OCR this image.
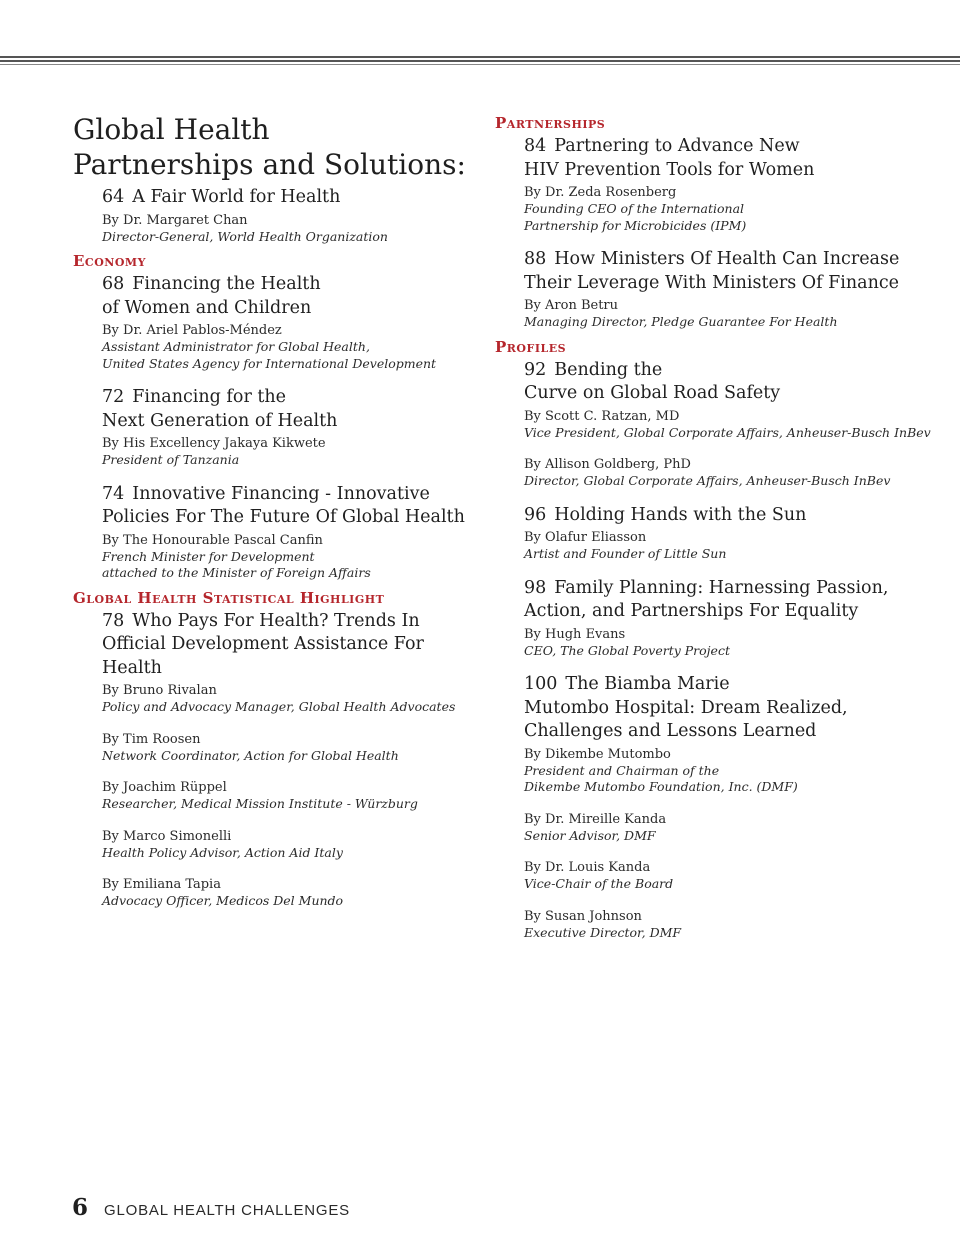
Global Health
Partnerships and Solutions:
64 A Fair World for Health
By Dr. Margaret Chan
Director-General, World Health Organization
Economy
68 Financing the Health
of Women and Children
By Dr. Ariel Pablos-Méndez
Assistant Administrator for Global Health,
United States Agency for International Development
72 Financing for the
Next Generation of Health
By His Excellency Jakaya Kikwete
President of Tanzania
74 Innovative Financing - Innovative
Policies For The Future Of Global Health
By The Honourable Pascal Canfin
French Minister for Development
attached to the Minister of Foreign Affairs
Global Health Statistical Highlight
78 Who Pays For Health? Trends In
Official Development Assistance For Health
By Bruno Rivalan
Policy and Advocacy Manager, Global Health Advocates
By Tim Roosen
Network Coordinator, Action for Global Health
By Joachim Rüppel
Researcher, Medical Mission Institute - Würzburg
By Marco Simonelli
Health Policy Advisor, Action Aid Italy
By Emiliana Tapia
Advocacy Officer, Medicos Del Mundo
Partnerships
84 Partnering to Advance New
HIV Prevention Tools for Women
By Dr. Zeda Rosenberg
Founding CEO of the International
Partnership for Microbicides (IPM)
88 How Ministers Of Health Can Increase
Their Leverage With Ministers Of Finance
By Aron Betru
Managing Director, Pledge Guarantee For Health
Profiles
92 Bending the
Curve on Global Road Safety
By Scott C. Ratzan, MD
Vice President, Global Corporate Affairs, Anheuser-Busch InBev
By Allison Goldberg, PhD
Director, Global Corporate Affairs, Anheuser-Busch InBev
96 Holding Hands with the Sun
By Olafur Eliasson
Artist and Founder of Little Sun
98 Family Planning: Harnessing Passion,
Action, and Partnerships For Equality
By Hugh Evans
CEO, The Global Poverty Project
100 The Biamba Marie
Mutombo Hospital: Dream Realized,
Challenges and Lessons Learned
By Dikembe Mutombo
President and Chairman of the
Dikembe Mutombo Foundation, Inc. (DMF)
By Dr. Mireille Kanda
Senior Advisor, DMF
By Dr. Louis Kanda
Vice-Chair of the Board
By Susan Johnson
Executive Director, DMF
6 GLOBAL HEALTH CHALLENGES
